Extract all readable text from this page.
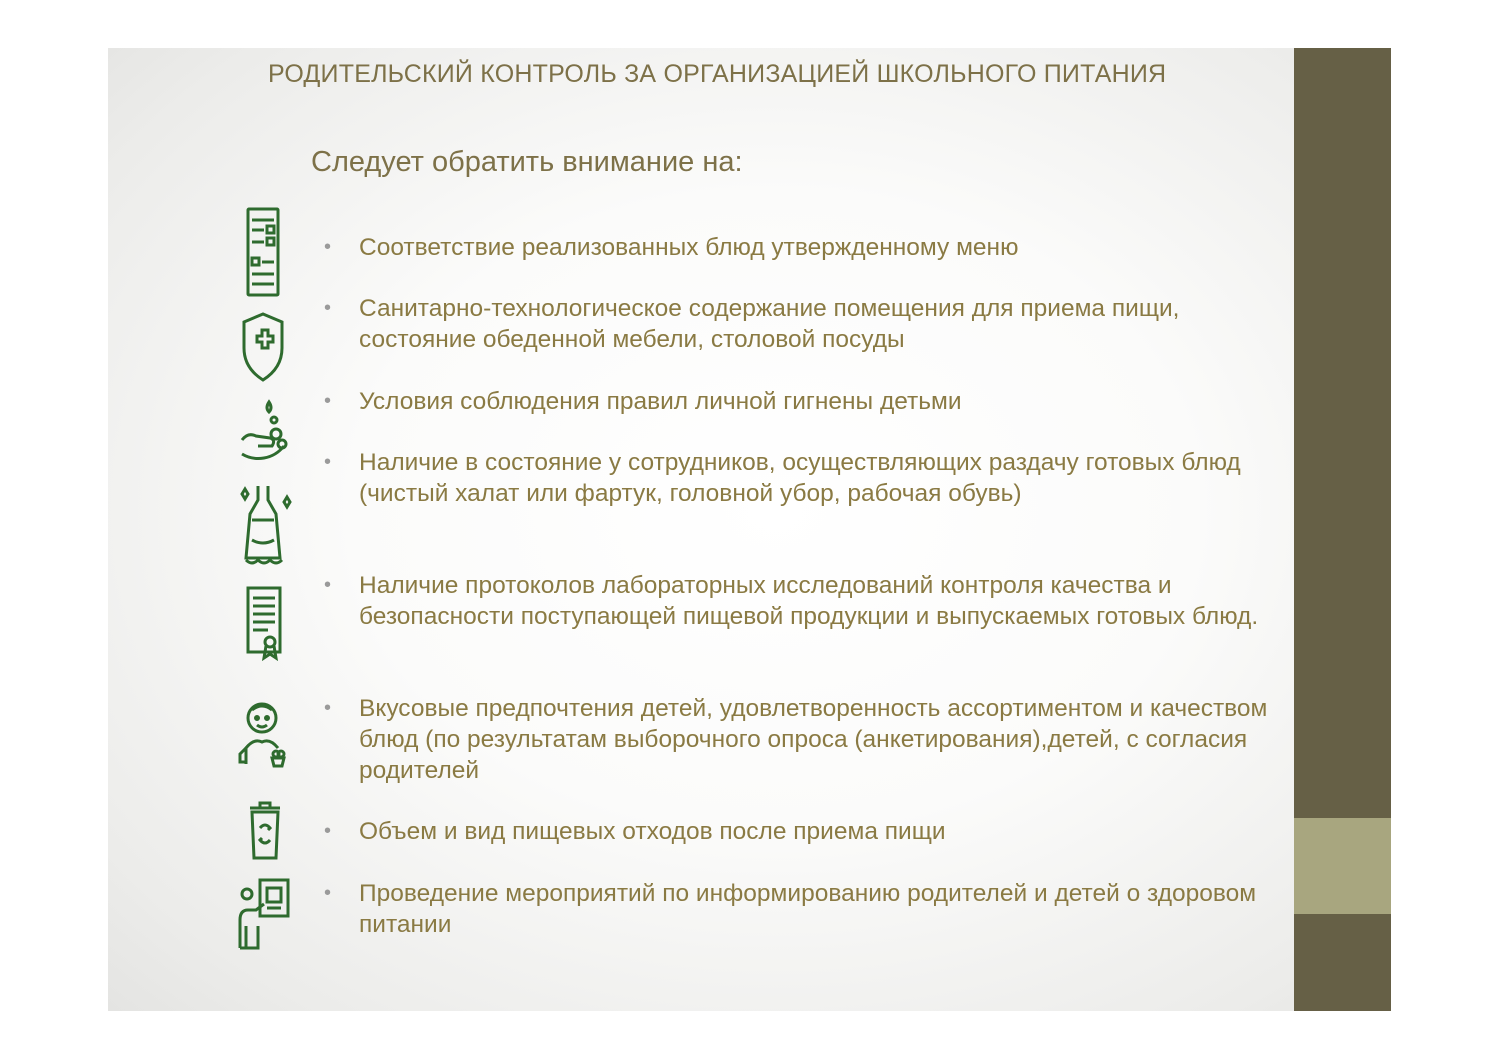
РОДИТЕЛЬСКИЙ КОНТРОЛЬ ЗА ОРГАНИЗАЦИЕЙ ШКОЛЬНОГО ПИТАНИЯ
Следует обратить внимание на:
• Соответствие реализованных блюд утвержденному меню
• Санитарно-технологическое содержание помещения для приема пищи, состояние обеденной мебели, столовой посуды
• Условия соблюдения правил личной гигнены детьми
• Наличие в состояние у сотрудников, осуществляющих раздачу готовых блюд (чистый халат или фартук, головной убор, рабочая обувь)
• Наличие протоколов лабораторных исследований контроля качества и безопасности поступающей пищевой продукции и выпускаемых готовых блюд.
• Вкусовые предпочтения детей, удовлетворенность ассортиментом и качеством блюд (по результатам выборочного опроса (анкетирования),детей, с согласия родителей
• Объем и вид пищевых отходов после приема пищи
• Проведение мероприятий по информированию родителей и детей о здоровом питании
